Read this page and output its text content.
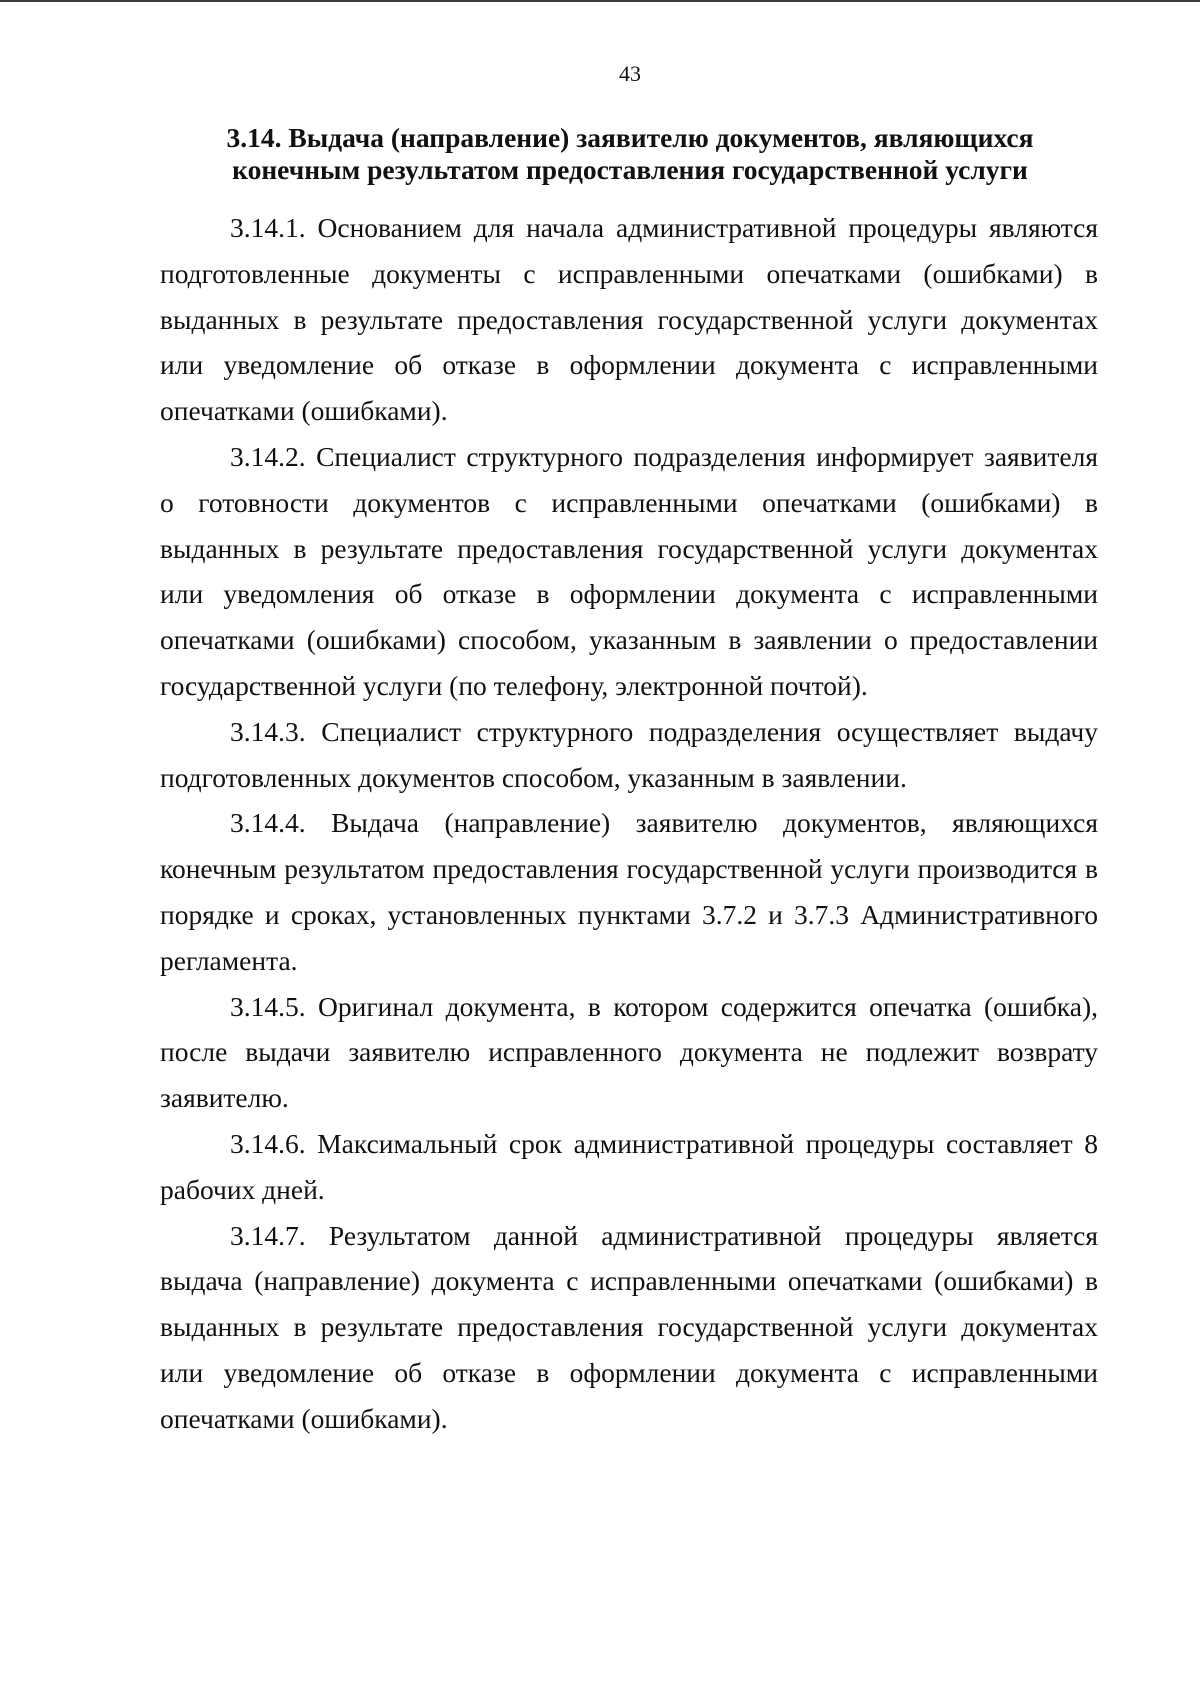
43
3.14. Выдача (направление) заявителю документов, являющихся
конечным результатом предоставления государственной услуги

3.14.1. Основанием для начала административной процедуры являются подготовленные документы с исправленными опечатками (ошибками) в выданных в результате предоставления государственной услуги документах или уведомление об отказе в оформлении документа с исправленными опечатками (ошибками).

3.14.2. Специалист структурного подразделения информирует заявителя о готовности документов с исправленными опечатками (ошибками) в выданных в результате предоставления государственной услуги документах или уведомления об отказе в оформлении документа с исправленными опечатками (ошибками) способом, указанным в заявлении о предоставлении государственной услуги (по телефону, электронной почтой).

3.14.3. Специалист структурного подразделения осуществляет выдачу подготовленных документов способом, указанным в заявлении.

3.14.4. Выдача (направление) заявителю документов, являющихся конечным результатом предоставления государственной услуги производится в порядке и сроках, установленных пунктами 3.7.2 и 3.7.3 Административного регламента.

3.14.5. Оригинал документа, в котором содержится опечатка (ошибка), после выдачи заявителю исправленного документа не подлежит возврату заявителю.

3.14.6. Максимальный срок административной процедуры составляет 8 рабочих дней.

3.14.7. Результатом данной административной процедуры является выдача (направление) документа с исправленными опечатками (ошибками) в выданных в результате предоставления государственной услуги документах или уведомление об отказе в оформлении документа с исправленными опечатками (ошибками).
